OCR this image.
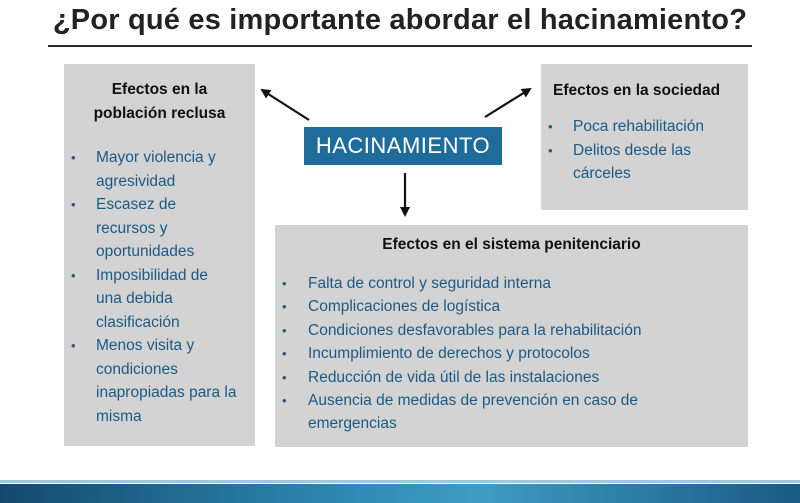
¿Por qué es importante abordar el hacinamiento?

Efectos en la población reclusa

• Mayor violencia y agresividad
• Escasez de recursos y oportunidades
• Imposibilidad de una debida clasificación
• Menos visita y condiciones inapropiadas para la misma

Efectos en la sociedad

• Poca rehabilitación
• Delitos desde las cárceles

Efectos en el sistema penitenciario

• Falta de control y seguridad interna
• Complicaciones de logística
• Condiciones desfavorables para la rehabilitación
• Incumplimiento de derechos y protocolos
• Reducción de vida útil de las instalaciones
• Ausencia de medidas de prevención en caso de emergencias
HACINAMIENTO
